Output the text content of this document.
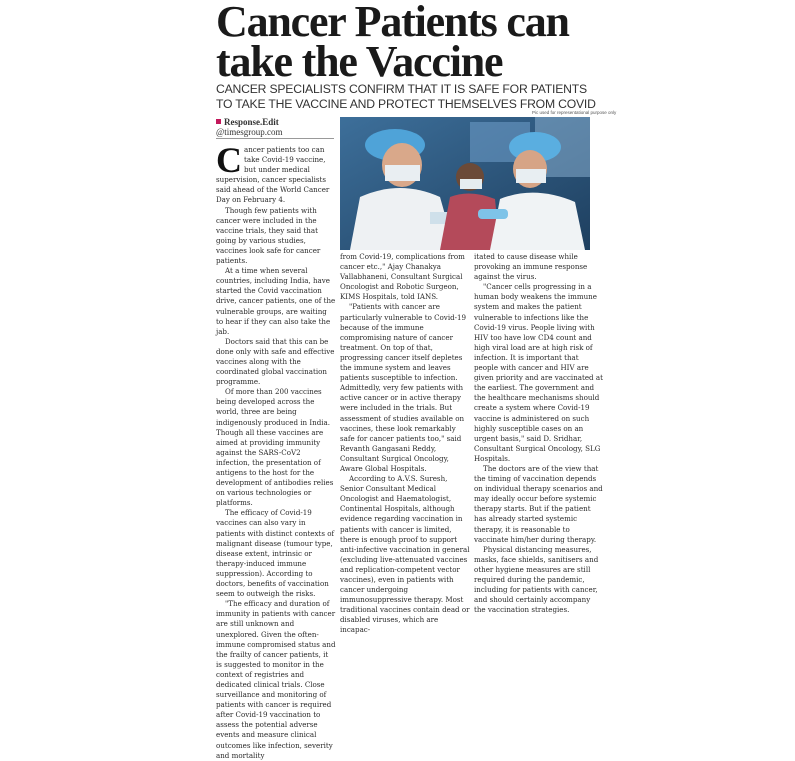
Cancer Patients can take the Vaccine
CANCER SPECIALISTS CONFIRM THAT IT IS SAFE FOR PATIENTS TO TAKE THE VACCINE AND PROTECT THEMSELVES FROM COVID
Pic used for representational purpose only
Response.Edit
@timesgroup.com

Cancer patients too can take Covid-19 vaccine, but under medical supervision, cancer specialists said ahead of the World Cancer Day on February 4.

Though few patients with cancer were included in the vaccine trials, they said that going by various studies, vaccines look safe for cancer patients.

At a time when several countries, including India, have started the Covid vaccination drive, cancer patients, one of the vulnerable groups, are waiting to hear if they can also take the jab.

Doctors said that this can be done only with safe and effective vaccines along with the coordinated global vaccination programme.

Of more than 200 vaccines being developed across the world, three are being indigenously produced in India. Though all these vaccines are aimed at providing immunity against the SARS-CoV2 infection, the presentation of antigens to the host for the development of antibodies relies on various technologies or platforms.

The efficacy of Covid-19 vaccines can also vary in patients with distinct contexts of malignant disease (tumour type, disease extent, intrinsic or therapy-induced immune suppression). According to doctors, benefits of vaccination seem to outweigh the risks.

"The efficacy and duration of immunity in patients with cancer are still unknown and unexplored. Given the often-immune compromised status and the frailty of cancer patients, it is suggested to monitor in the context of registries and dedicated clinical trials. Close surveillance and monitoring of patients with cancer is required after Covid-19 vaccination to assess the potential adverse events and measure clinical outcomes like infection, severity and mortality

from Covid-19, complications from cancer etc.," Ajay Chanakya Vallabhaneni, Consultant Surgical Oncologist and Robotic Surgeon, KIMS Hospitals, told IANS.

"Patients with cancer are particularly vulnerable to Covid-19 because of the immune compromising nature of cancer treatment. On top of that, progressing cancer itself depletes the immune system and leaves patients susceptible to infection. Admittedly, very few patients with active cancer or in active therapy were included in the trials. But assessment of studies available on vaccines, these look remarkably safe for cancer patients too," said Revanth Gangasani Reddy, Consultant Surgical Oncology, Aware Global Hospitals.

According to A.V.S. Suresh, Senior Consultant Medical Oncologist and Haematologist, Continental Hospitals, although evidence regarding vaccination in patients with cancer is limited, there is enough proof to support anti-infective vaccination in general (excluding live-attenuated vaccines and replication-competent vector vaccines), even in patients with cancer undergoing immunosuppressive therapy. Most traditional vaccines contain dead or disabled viruses, which are incapac-

itated to cause disease while provoking an immune response against the virus.

"Cancer cells progressing in a human body weakens the immune system and makes the patient vulnerable to infections like the Covid-19 virus. People living with HIV too have low CD4 count and high viral load are at high risk of infection. It is important that people with cancer and HIV are given priority and are vaccinated at the earliest. The government and the healthcare mechanisms should create a system where Covid-19 vaccine is administered on such highly susceptible cases on an urgent basis," said D. Sridhar, Consultant Surgical Oncology, SLG Hospitals.

The doctors are of the view that the timing of vaccination depends on individual therapy scenarios and may ideally occur before systemic therapy starts. But if the patient has already started systemic therapy, it is reasonable to vaccinate him/her during therapy.

Physical distancing measures, masks, face shields, sanitisers and other hygiene measures are still required during the pandemic, including for patients with cancer, and should certainly accompany the vaccination strategies.
